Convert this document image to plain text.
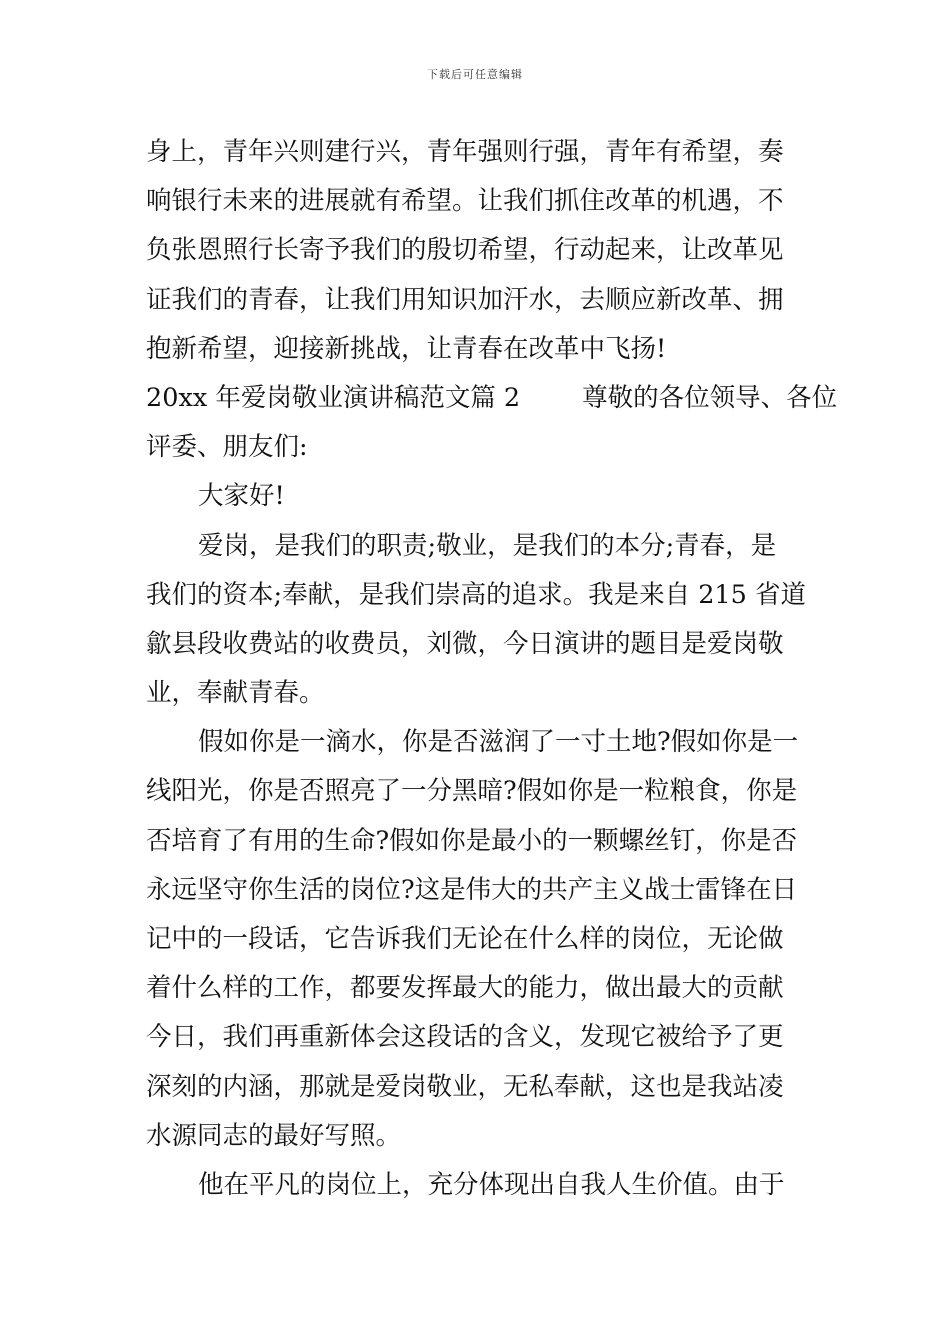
下载后可任意编辑
身上，青年兴则建行兴，青年强则行强，青年有希望，奏
响银行未来的进展就有希望。让我们抓住改革的机遇，不
负张恩照行长寄予我们的殷切希望，行动起来，让改革见
证我们的青春，让我们用知识加汗水，去顺应新改革、拥
抱新希望，迎接新挑战，让青春在改革中飞扬!
20xx 年爱岗敬业演讲稿范文篇 2 尊敬的各位领导、各位
评委、朋友们:
大家好!
爱岗，是我们的职责;敬业，是我们的本分;青春，是
我们的资本;奉献，是我们崇高的追求。我是来自 215 省道
歙县段收费站的收费员，刘微，今日演讲的题目是爱岗敬
业，奉献青春。
假如你是一滴水，你是否滋润了一寸土地?假如你是一
线阳光，你是否照亮了一分黑暗?假如你是一粒粮食，你是
否培育了有用的生命?假如你是最小的一颗螺丝钉，你是否
永远坚守你生活的岗位?这是伟大的共产主义战士雷锋在日
记中的一段话，它告诉我们无论在什么样的岗位，无论做
着什么样的工作，都要发挥最大的能力，做出最大的贡献
今日，我们再重新体会这段话的含义，发现它被给予了更
深刻的内涵，那就是爱岗敬业，无私奉献，这也是我站凌
水源同志的最好写照。
他在平凡的岗位上，充分体现出自我人生价值。由于
